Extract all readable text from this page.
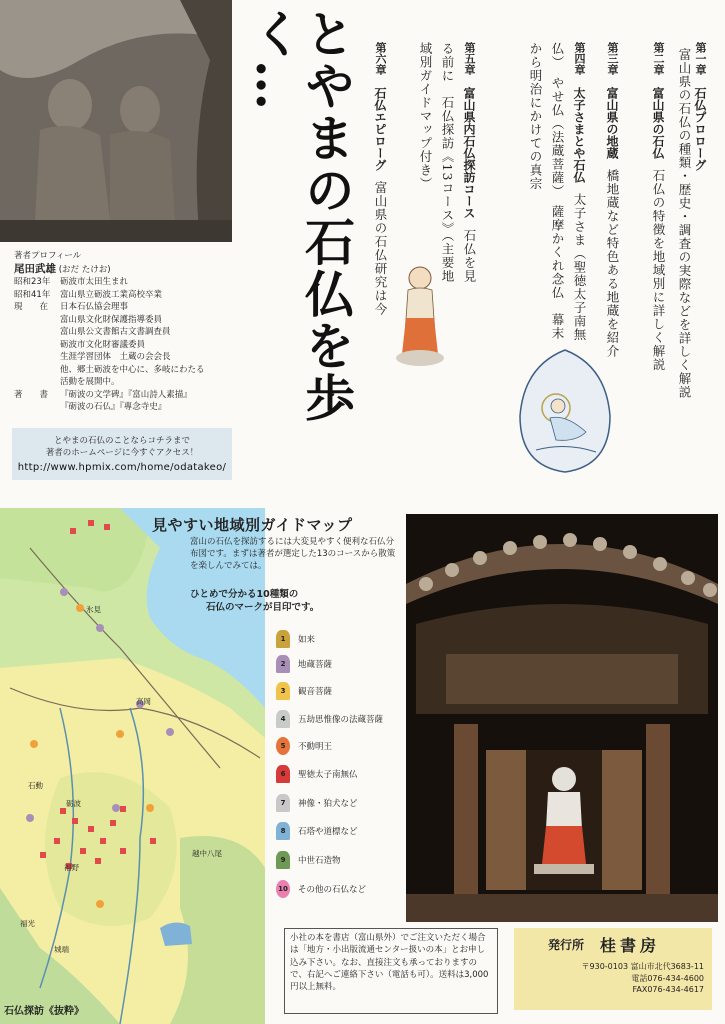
とやまの石仏を歩く…	第一章 石仏プロローグ
富山県の石仏の種類・歴史・調査の実際などを詳しく解説
第二章 富山県の石仏 石仏の特徴を地域別に詳しく解説
第三章 富山県の地蔵 橋地蔵など特色ある地蔵を紹介
第四章 太子さまとや石仏 太子さま（聖徳太子南無仏）　やせ仏（法蔵菩薩）　薩摩かくれ念仏　幕末から明治にかけての真宗
第五章 富山県内石仏探訪コース 石仏を見る前に　石仏探訪《13コース》（主要地域別ガイドマップ付き）
第六章 石仏エピローグ 富山県の石仏研究は今
著者プロフィール
尾田武雄 (おだ たけお)
昭和23年	砺波市太田生まれ
昭和41年	富山県立砺波工業高校卒業
現　　在	日本石仏協会理事
富山県文化財保護指導委員
富山県公文書館古文書調査員
砺波市文化財審議委員
生涯学習団体　土蔵の会会長
他、郷土砺波を中心に、多岐にわたる
活動を展開中。
著　　書	『砺波の文学碑』『富山詩人素描』
『砺波の石仏』『專念寺史』
とやまの石仏のことならコチラまで
著者のホームページに今すぐアクセス！
http://www.hpmix.com/home/odatakeo/
氷見
高岡
石動
砺波
福野
福光
城端
越中八尾
石仏探訪《抜粋》
見やすい地域別ガイドマップ
富山の石仏を探訪するには大変見やすく便利な石仏分布図です。まずは著者が選定した13のコースから散策を楽しんでみては。
ひとめで分かる10種類の
石仏のマークが目印です。
1	如来
2	地蔵菩薩
3	観音菩薩
4	五劫思惟像の法蔵菩薩
5	不動明王
6	聖徳太子南無仏
7	神像・狛犬など
8	石塔や道標など
9	中世石造物
10 その他の石仏など
小社の本を書店（富山県外）でご注文いただく場合は「地方・小出版流通センター扱いの本」とお申し込み下さい。なお、直接注文も承っておりますので、右記へご連絡下さい（電話も可）。送料は3,000円以上無料。
発行所 桂書房
〒930-0103 富山市北代3683-11
電話076-434-4600
FAX076-434-4617
